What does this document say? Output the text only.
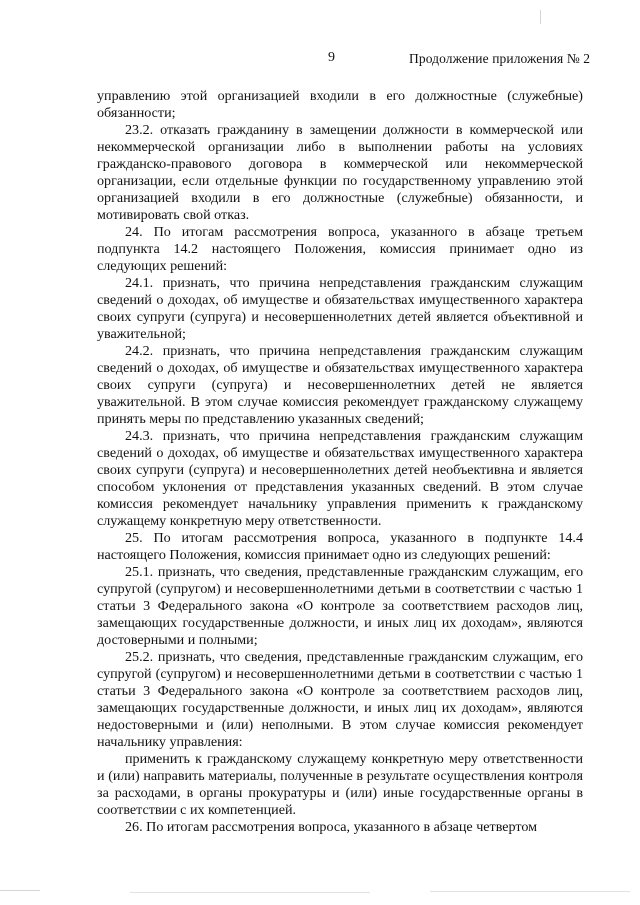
9	Продолжение приложения № 2

управлению этой организацией входили в его должностные (служебные) обязанности;

23.2. отказать гражданину в замещении должности в коммерческой или некоммерческой организации либо в выполнении работы на условиях гражданско-правового договора в коммерческой или некоммерческой организации, если отдельные функции по государственному управлению этой организацией входили в его должностные (служебные) обязанности, и мотивировать свой отказ.

24. По итогам рассмотрения вопроса, указанного в абзаце третьем подпункта 14.2 настоящего Положения, комиссия принимает одно из следующих решений:

24.1. признать, что причина непредставления гражданским служащим сведений о доходах, об имуществе и обязательствах имущественного характера своих супруги (супруга) и несовершеннолетних детей является объективной и уважительной;

24.2. признать, что причина непредставления гражданским служащим сведений о доходах, об имуществе и обязательствах имущественного характера своих супруги (супруга) и несовершеннолетних детей не является уважительной. В этом случае комиссия рекомендует гражданскому служащему принять меры по представлению указанных сведений;

24.3. признать, что причина непредставления гражданским служащим сведений о доходах, об имуществе и обязательствах имущественного характера своих супруги (супруга) и несовершеннолетних детей необъективна и является способом уклонения от представления указанных сведений. В этом случае комиссия рекомендует начальнику управления применить к гражданскому служащему конкретную меру ответственности.

25. По итогам рассмотрения вопроса, указанного в подпункте 14.4 настоящего Положения, комиссия принимает одно из следующих решений:

25.1. признать, что сведения, представленные гражданским служащим, его супругой (супругом) и несовершеннолетними детьми в соответствии с частью 1 статьи 3 Федерального закона «О контроле за соответствием расходов лиц, замещающих государственные должности, и иных лиц их доходам», являются достоверными и полными;

25.2. признать, что сведения, представленные гражданским служащим, его супругой (супругом) и несовершеннолетними детьми в соответствии с частью 1 статьи 3 Федерального закона «О контроле за соответствием расходов лиц, замещающих государственные должности, и иных лиц их доходам», являются недостоверными и (или) неполными. В этом случае комиссия рекомендует начальнику управления:

применить к гражданскому служащему конкретную меру ответственности и (или) направить материалы, полученные в результате осуществления контроля за расходами, в органы прокуратуры и (или) иные государственные органы в соответствии с их компетенцией.

26. По итогам рассмотрения вопроса, указанного в абзаце четвертом
